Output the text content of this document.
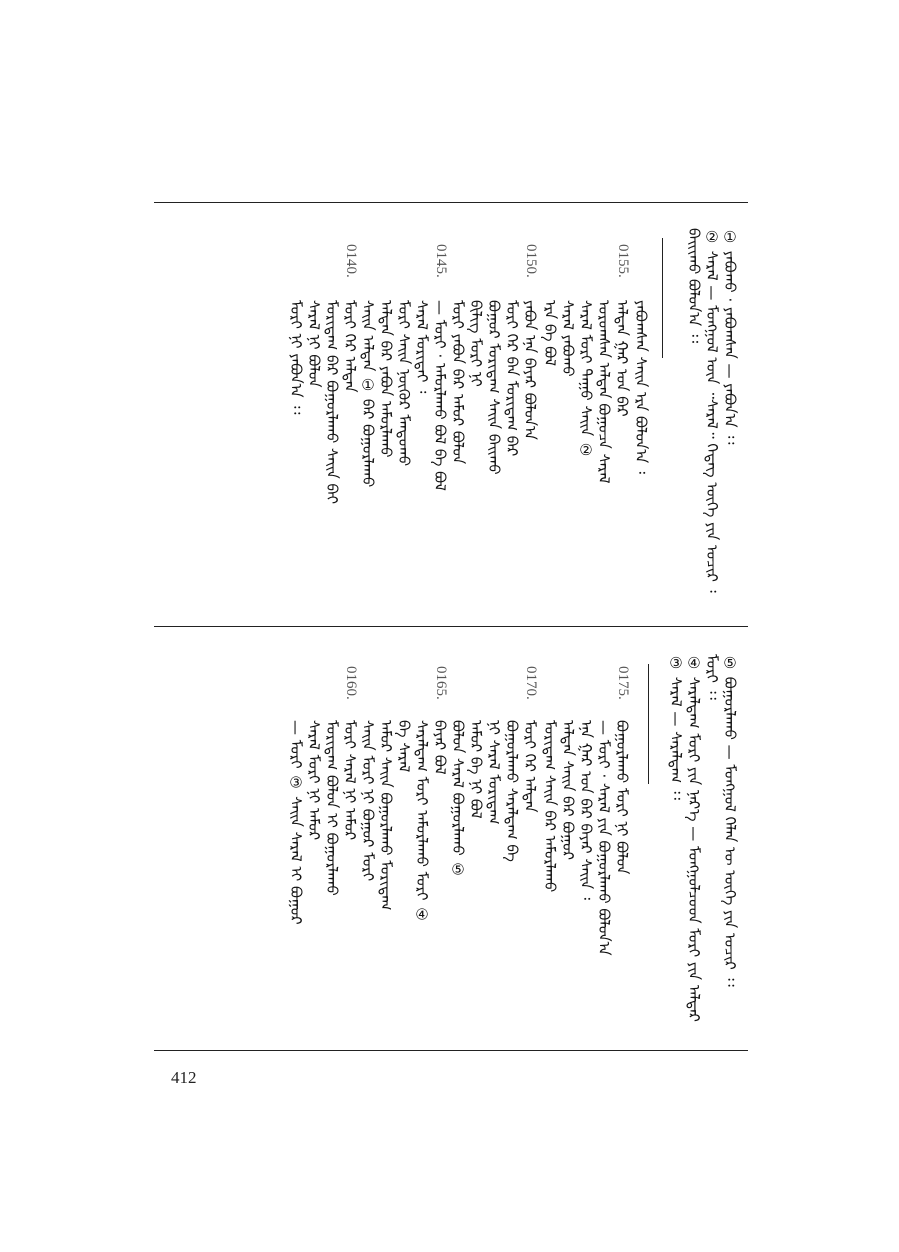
ᠪᠠᠢᠢᠬᠤ ᠪᠣᠯᠤᠨ᠎ᠠ ᠄᠄ ② ᠰᠠᠷᠠᠯ — ᠮᠣᠩᠭᠣᠯ ᠦᠨ ᠃ᠰᠠᠷᠠᠯ᠃ ᠭᠡᠳᠡᠭ ᠦᠭᠡ ᠶᠢᠨ ᠤᠴᠢᠷ ᠄ ① ᠶᠠᠪᠤᠬᠤ · ᠶᠠᠪᠤᠭᠰᠠᠨ — ᠶᠠᠪᠤᠨ᠎ᠠ ᠄᠄
ᠶᠠᠪᠤᠭᠰᠠᠨ ᠰᠠᠢᠨ ᠡᠷᠡ ᠪᠣᠯᠤᠨ᠎ᠠ ᠄
0155.
ᠠᠯᠳᠠᠨ ᠭᠠᠷ ᠤᠨ ᠪᠡᠷ
ᠣᠷᠣᠭᠰᠠᠨ ᠠᠯᠳᠠᠨ ᠪᠣᠭᠤᠴᠠ ᠰᠠᠷᠠᠯ
ᠰᠠᠷᠠᠯ ᠮᠣᠷᠢ ᠳᠠᠭᠤ ᠰᠠᠢᠨ ②
ᠰᠠᠷᠠᠯ ᠶᠠᠪᠤᠬᠤ
ᠡᠷᠡ ᠪᠡ ᠪᠣᠯ
0150.
ᠶᠠᠪᠤᠨ ᠡᠨᠡ ᠪᠠᠶᠠᠷ ᠪᠣᠯᠤᠨ᠎ᠠ
ᠮᠣᠷᠢ ᠭᠡᠷ ᠪᠡᠨ ᠮᠣᠷᠢᠳᠠᠭ ᠪᠡᠷ
ᠪᠣᠭᠤᠷ ᠮᠣᠷᠢᠳᠠᠭ ᠰᠠᠢᠨ ᠪᠠᠢᠬᠤ
ᠪᠢᠯᠢᠭ ᠮᠣᠷᠢ ᠨᠢ
ᠮᠣᠷᠢ ᠶᠠᠪᠤᠨ ᠪᠡᠷ ᠠᠮᠤᠷ ᠪᠣᠯᠤᠨ
0145.
— ᠮᠣᠷᠢ · ᠠᠮᠤᠷᠯᠠᠬᠤ ᠪᠣᠯ ᠪᠠ ᠪᠣᠯ
ᠰᠠᠷᠠᠯ ᠮᠣᠷᠢᠲᠠᠢ ᠄
ᠮᠣᠷᠢ ᠰᠠᠢᠨ ᠨᠥᠬᠦᠷ ᠮᠠᠨᠳᠤᠬᠤ
ᠠᠯᠳᠠᠨ ᠪᠡᠷ ᠶᠠᠪᠤᠨ ᠠᠮᠤᠷᠯᠠᠬᠤ
ᠰᠠᠢᠨ ᠠᠯᠳᠠᠨ ① ᠪᠡᠷ ᠪᠣᠭᠤᠷᠯᠠᠬᠤ
0140.
ᠮᠣᠷᠢ ᠭᠡᠷ ᠠᠯᠳᠠᠨ
ᠮᠣᠷᠢᠳᠠᠭ ᠪᠡᠷ ᠪᠣᠭᠤᠷᠯᠠᠬᠤ ᠰᠠᠢᠨ ᠪᠠᠢ
ᠰᠠᠷᠠᠯ ᠨᠢ ᠪᠣᠯᠤᠨ
ᠮᠣᠷᠢ ᠨᠢ ᠶᠠᠪᠤᠨ᠎ᠠ ᠄᠄
⑤ ᠪᠣᠭᠤᠷᠯᠠᠬᠤ — ᠮᠣᠩᠭᠣᠯ ᠬᠡᠯᠡᠨ ᠦ ᠦᠭᠡ ᠶᠢᠨ ᠤᠴᠢᠷ ᠄᠄
ᠮᠣᠷᠢ ᠄᠄
④ ᠰᠠᠷᠠᠯᠳᠠᠭ ᠮᠣᠷᠢ ᠶᠢᠨ ᠨᠡᠷ᠎ᠡ — ᠮᠣᠩᠭᠣᠯᠴᠤᠳ ᠮᠣᠷᠢ ᠶᠢᠨ ᠠᠯᠳᠠᠷ
③ ᠰᠠᠷᠠᠯ — ᠰᠠᠷᠠᠯᠳᠠᠭ ᠄᠄
0175.
ᠪᠣᠭᠤᠷᠯᠠᠬᠤ ᠮᠣᠷᠢ ᠨᠢ ᠪᠣᠯᠤᠨ
— ᠮᠣᠷᠢ · ᠰᠠᠷᠠᠯ ᠶᠢᠨ ᠪᠣᠭᠤᠷᠯᠠᠬᠤ ᠪᠣᠯᠤᠨ᠎ᠠ
ᠡᠨᠡ ᠭᠠᠷ ᠤᠨ ᠪᠡᠷ ᠪᠠᠶᠠᠷ ᠰᠠᠢᠨ ᠄
ᠠᠯᠳᠠᠨ ᠰᠠᠢᠨ ᠪᠡᠷ ᠪᠣᠭᠤᠷ
ᠮᠣᠷᠢᠳᠠᠭ ᠰᠠᠢᠨ ᠪᠡᠷ ᠠᠮᠤᠷᠯᠠᠬᠤ
0170.
ᠮᠣᠷᠢ ᠭᠡᠷ ᠠᠯᠳᠠᠨ
ᠪᠣᠭᠤᠷᠯᠠᠬᠤ ᠰᠠᠷᠠᠯᠳᠠᠭ ᠪᠡ
ᠨᠢ ᠰᠠᠷᠠᠯ ᠮᠣᠷᠢᠳᠠᠭ
ᠠᠮᠤᠷ ᠪᠡ ᠨᠢ ᠪᠣᠯ
ᠪᠣᠯᠤᠨ ᠰᠠᠷᠠᠯ ᠪᠣᠭᠤᠷᠯᠠᠬᠤ ⑤
0165.
ᠪᠠᠶᠠᠷ ᠪᠣᠯ
ᠰᠠᠷᠠᠯᠳᠠᠭ ᠮᠣᠷᠢ ᠠᠮᠤᠷᠯᠠᠬᠤ ᠮᠣᠷᠢ ④
ᠪᠡ ᠰᠠᠷᠠᠯ
ᠠᠮᠤᠷ ᠰᠠᠢᠨ ᠪᠣᠭᠤᠷᠯᠠᠬᠤ ᠮᠣᠷᠢᠳᠠᠭ
ᠰᠠᠢᠨ ᠮᠣᠷᠢ ᠨᠢ ᠪᠣᠭᠤᠷ ᠮᠣᠷᠢ
0160.
ᠮᠣᠷᠢ ᠰᠠᠷᠠᠯ ᠨᠢ ᠠᠮᠤᠷ
ᠮᠣᠷᠢᠳᠠᠭ ᠪᠣᠯᠤᠨ ᠢ ᠪᠣᠭᠤᠷᠯᠠᠬᠤ
ᠰᠠᠷᠠᠯ ᠮᠣᠷᠢ ᠨᠢ ᠠᠮᠤᠷ
— ᠮᠣᠷᠢ ③ ᠰᠠᠢᠨ ᠰᠠᠷᠠᠯ ᠢ ᠪᠣᠭᠤᠷ
412
